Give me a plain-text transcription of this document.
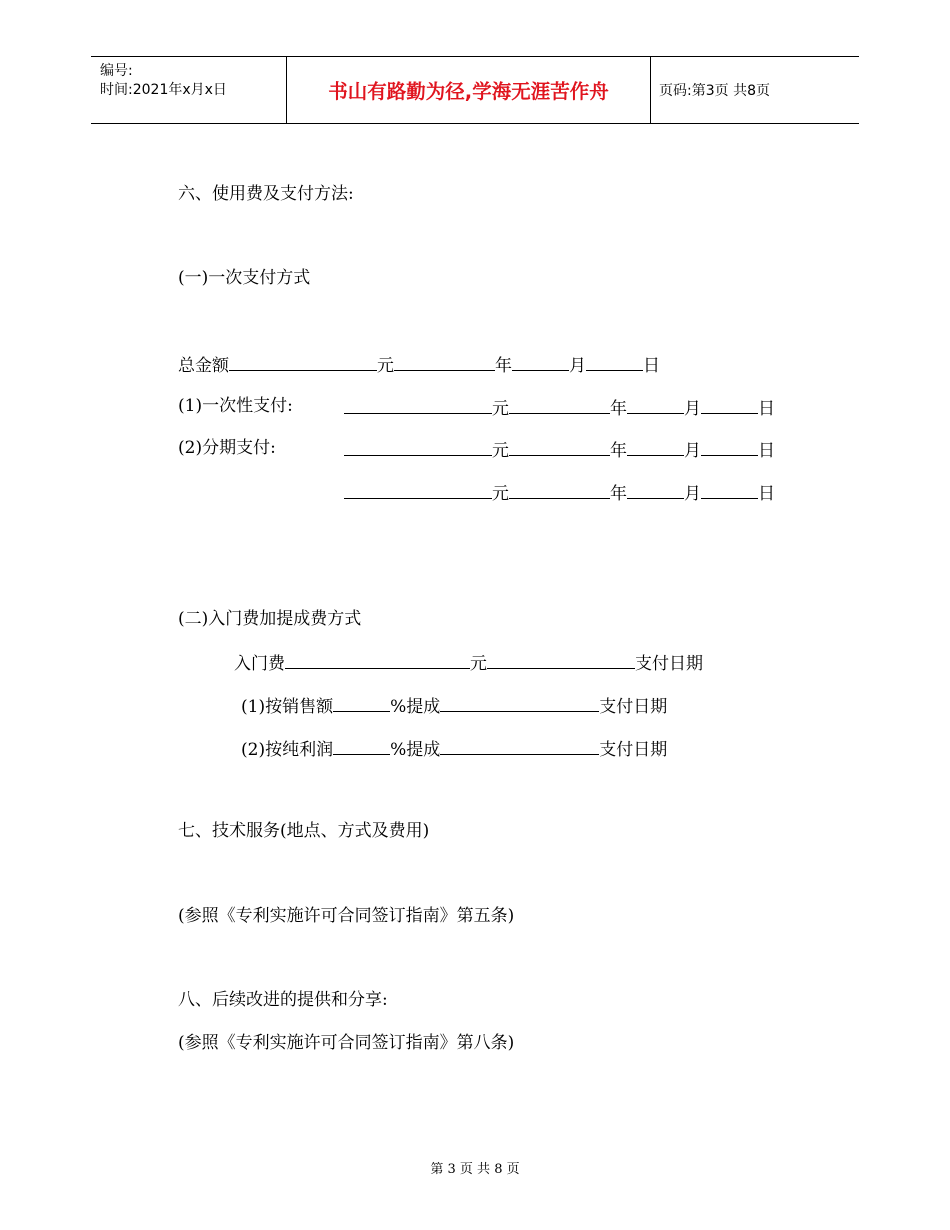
编号:
时间:2021年x月x日	书山有路勤为径,学海无涯苦作舟	页码:第3页 共8页
六、使用费及支付方法:
(一)一次支付方式
总金额	元	年	月	日
(1)一次性支付:	元	年	月	日
(2)分期支付:	元	年	月	日
元	年	月	日
(二)入门费加提成费方式
入门费	元	支付日期
(1)按销售额	%提成	支付日期
(2)按纯利润	%提成	支付日期
七、技术服务(地点、方式及费用)
(参照《专利实施许可合同签订指南》第五条)
八、后续改进的提供和分享:
(参照《专利实施许可合同签订指南》第八条)
第 3 页 共 8 页
